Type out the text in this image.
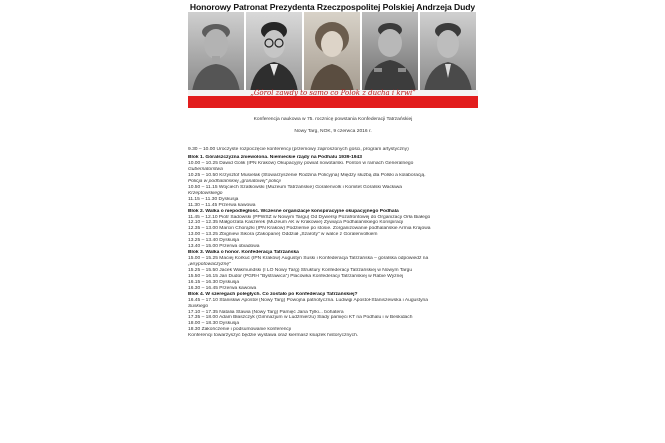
Honorowy Patronat Prezydenta Rzeczpospolitej Polskiej Andrzeja Dudy
„Górol zawdy to samo co Polok z ducha i krwi”
Konferencja naukowa w 75. rocznicę powstania Konfederacji Tatrzańskiej
Nowy Targ, NOK, 9 czerwca 2016 r.
9.30 – 10.00 Uroczyste rozpoczęcie konferencji (przemowy zaproszonych gości, program artystyczny)
Blok 1. Góralszczyzna zniewolona. Niemieckie rządy na Podhalu 1939-1943
10.00 – 10.25 Dawid Golik (IPN Kraków) Okupacyjny powiat nowotarski. Ponton w ramach Generalnego
Gubernatorstwa
10.25 – 10.50 Krzysztof Musielak (Stowarzyszenie Rodzina Policyjna) Między służbą dla Polski a kolaboracją.
Policja w podhalańskiej „granatowej” policji
10.50 – 11.15 Wojciech Szatkowski (Muzeum Tatrzańskie) Goralenvolk i Komitet Góralski Wacława
Krzeptowskiego
11.15 – 11.30 Dyskusja
11.30 – 11.45 Przerwa kawowa
Blok 2. Walka o niepodległość. Wczesne organizacje konspiracyjne okupacyjnego Podhala
11.45 – 12.10 Piotr Sadowski (PPWSZ w Nowym Targu) Od Dywersji Pozafrontowej do Organizacji Orła Białego
12.10 – 12.35 Małgorzata Kaszerek (Muzeum AK w Krakowie) Żywiąca Podhalańskiego Konspiracji
12.35 – 13.00 Marcin Chorązki (IPN Kraków) Podziemie po stosie. Zorganizowanie podhalańskie Armia Krajowa
13.00 – 13.25 Zbigniew Sikora (Zakopane) Oddział „Szarotý” w walce z Goralenvolkiem
13.25 – 13.40 Dyskusja
13.40 – 15.00 Przerwa obiadowa
Blok 3. Walka o honor. Konfederacja Tatrzańska
15.00 – 15.25 Maciej Korkuć (IPN Kraków) Augustyn Suski i Konfederacja Tatrzańska – góralska odpowiedź na
„wsypotowaczyznę”
15.25 – 15.50 Jacek Wakmundski (I LO Nowy Targ) Struktury Konfederacji Tatrzańskiej w Nowym Targu
15.50 – 16.15 Jan Dudor (PGRH “Bystrawica”) Placówka Konfederacji Tatrzańskiej w Rabie Wyżnej
16.15 – 16.30 Dyskusja
16.30 – 16.45 Przerwa kawowa
Blok 4. W szeregach poległych. Co zostało po Konfederacji Tatrzańskiej?
16.45 – 17.10 Stanisław Apostoł (Nowy Targ) Powojna patriotyczna. Ludwigi Apostoł-Staniszewska i Augustyna
Suskiego
17.10 – 17.35 Natalia Stawia (Nowy Targ) Pamięć Jana Tylki... bohatera
17.35 – 18.00 Adam Błaszczyk (Gimnazjum w Ludźmierzu) Ślady pamięci KT na Podhalu i w Beskidach
18.00 – 18.30 Dyskusja
18.30 Zakończenie i podsumowanie konferencji
Konferencji towarzyszyć będzie wystawa oraz kiermasz książek historycznych.
